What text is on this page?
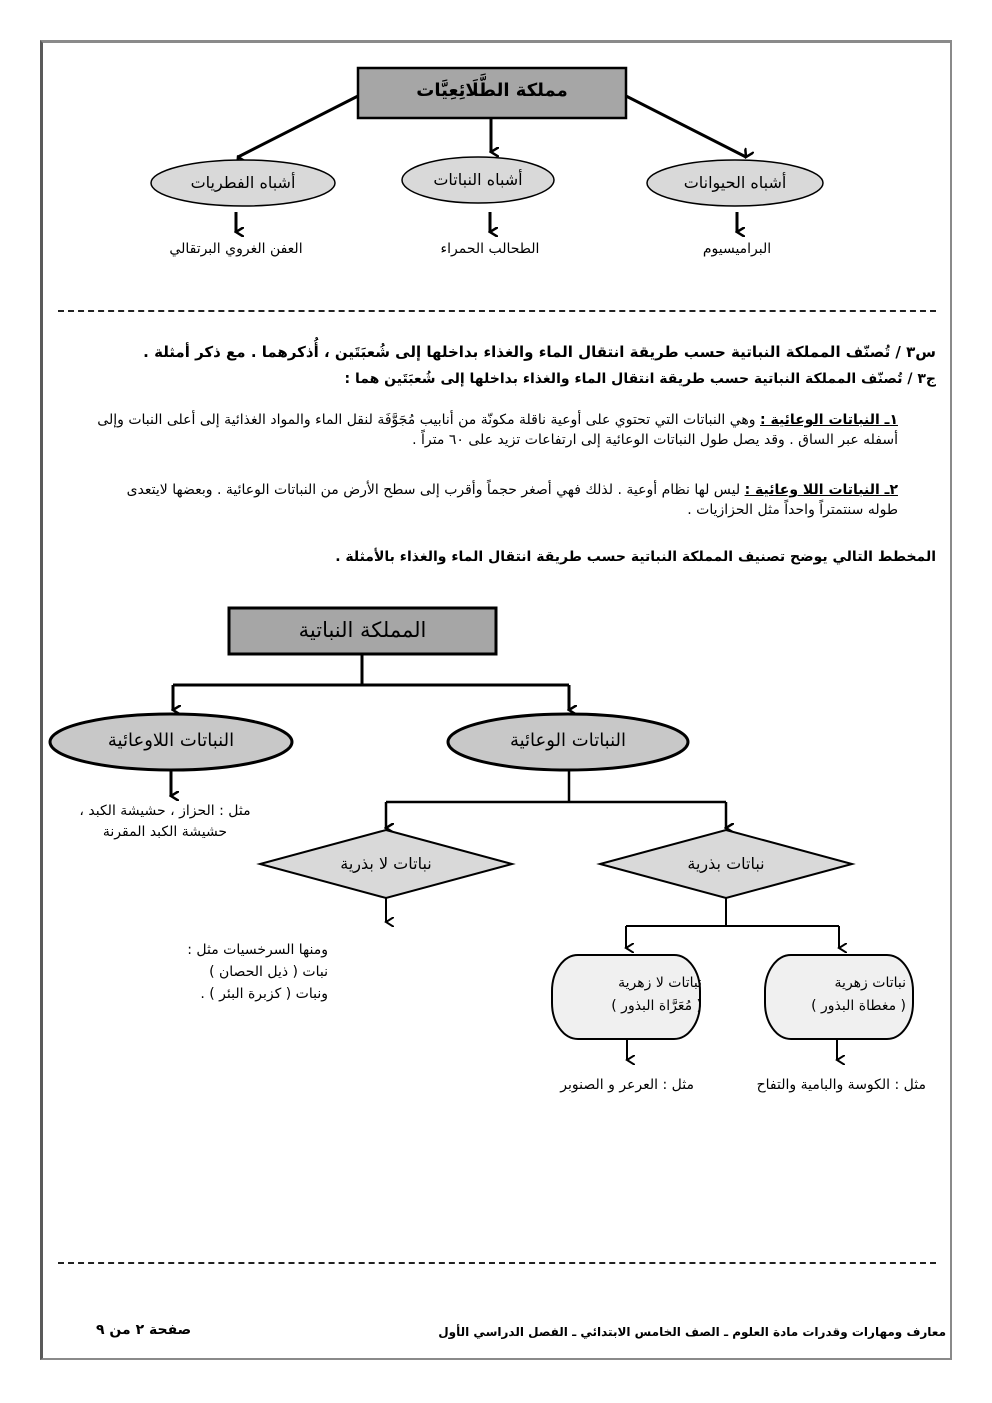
مملكة الطَّلَائِعِيَّات
أشباه الحيوانات
أشباه النباتات
أشباه الفطريات
البراميسيوم
الطحالب الحمراء
العفن الغروي البرتقالي
س٣ / تُصنّف المملكة النباتية حسب طريقة انتقال الماء والغذاء بداخلها إلى شُعبَتَين ، أُذكرهما . مع ذكر أمثلة .
ج٣ / تُصنّف المملكة النباتية حسب طريقة انتقال الماء والغذاء بداخلها إلى شُعبَتَين هما :
١ـ النباتات الوعائية : وهي النباتات التي تحتوي على أوعية ناقلة مكونّة من أنابيب مُجَوَّفَة لنقل الماء والمواد الغذائية إلى أعلى النبات وإلى أسفله عبر الساق . وقد يصل طول النباتات الوعائية إلى ارتفاعات تزيد على ٦٠ متراً .
٢ـ النباتات اللا وعائية : ليس لها نظام أوعية . لذلك فهي أصغر حجماً وأقرب إلى سطح الأرض من النباتات الوعائية . وبعضها لايتعدى طوله سنتمتراً واحداً مثل الحزازيات .
المخطط التالي يوضح تصنيف المملكة النباتية حسب طريقة انتقال الماء والغذاء بالأمثلة .
المملكة النباتية
النباتات اللاوعائية	النباتات الوعائية
مثل : الحزاز ، حشيشة الكبد ،
حشيشة الكبد المقرنة
نباتات لا بذرية	نباتات بذرية
ومنها السرخسيات مثل :
نبات ( ذيل الحصان )
ونبات ( كزبرة البئر ) .
نباتات لا زهرية
( مُعَرَّاة البذور )
نباتات زهرية
( مغطاة البذور )
مثل : العرعر و الصنوبر	مثل : الكوسة والبامية والتفاح
صفحة ٢ من ٩	معارف ومهارات وقدرات مادة العلوم ـ الصف الخامس الابتدائي ـ الفصل الدراسي الأول
